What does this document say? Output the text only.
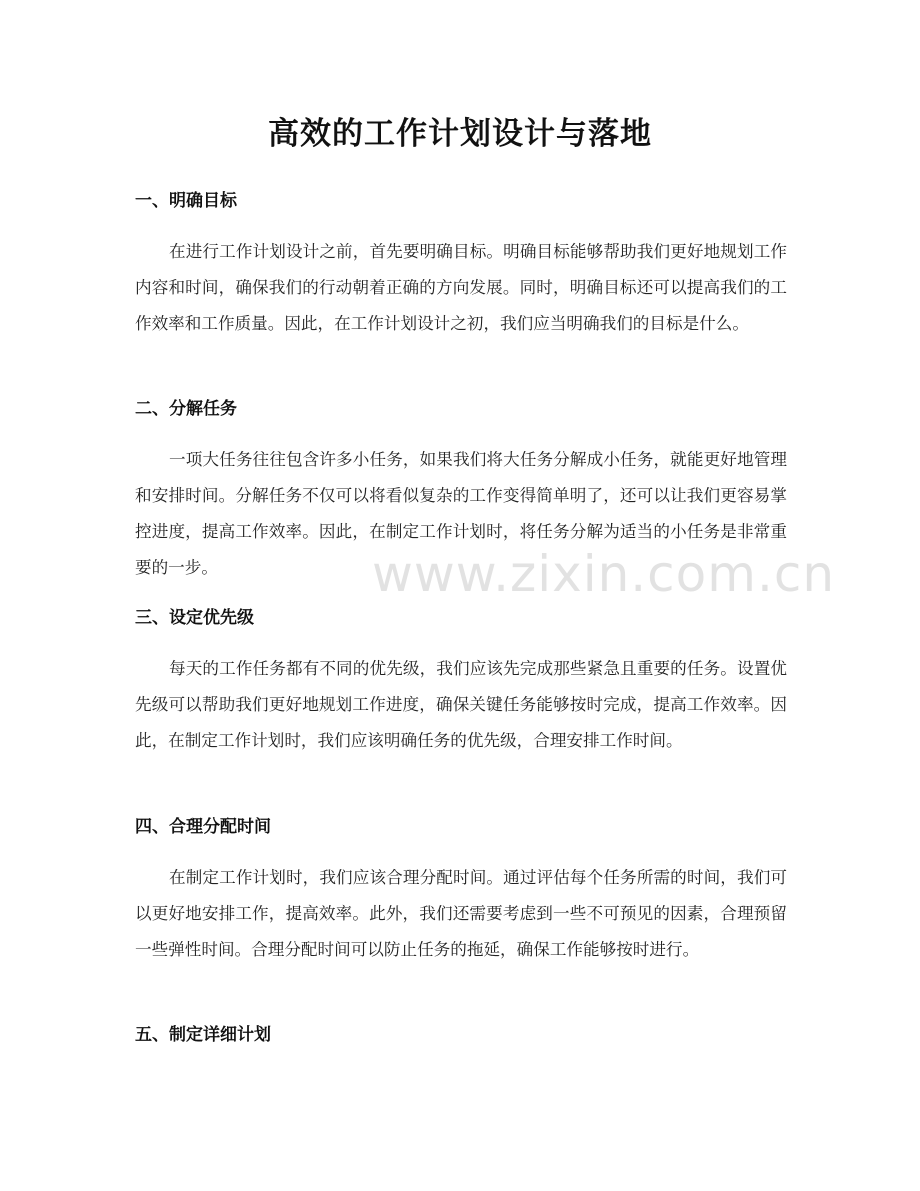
高效的工作计划设计与落地
一、明确目标

在进行工作计划设计之前，首先要明确目标。明确目标能够帮助我们更好地规划工作内容和时间，确保我们的行动朝着正确的方向发展。同时，明确目标还可以提高我们的工作效率和工作质量。因此，在工作计划设计之初，我们应当明确我们的目标是什么。

二、分解任务

一项大任务往往包含许多小任务，如果我们将大任务分解成小任务，就能更好地管理和安排时间。分解任务不仅可以将看似复杂的工作变得简单明了，还可以让我们更容易掌控进度，提高工作效率。因此，在制定工作计划时，将任务分解为适当的小任务是非常重要的一步。

三、设定优先级

每天的工作任务都有不同的优先级，我们应该先完成那些紧急且重要的任务。设置优先级可以帮助我们更好地规划工作进度，确保关键任务能够按时完成，提高工作效率。因此，在制定工作计划时，我们应该明确任务的优先级，合理安排工作时间。

四、合理分配时间

在制定工作计划时，我们应该合理分配时间。通过评估每个任务所需的时间，我们可以更好地安排工作，提高效率。此外，我们还需要考虑到一些不可预见的因素，合理预留一些弹性时间。合理分配时间可以防止任务的拖延，确保工作能够按时进行。

五、制定详细计划
www.zixin.com.cn
